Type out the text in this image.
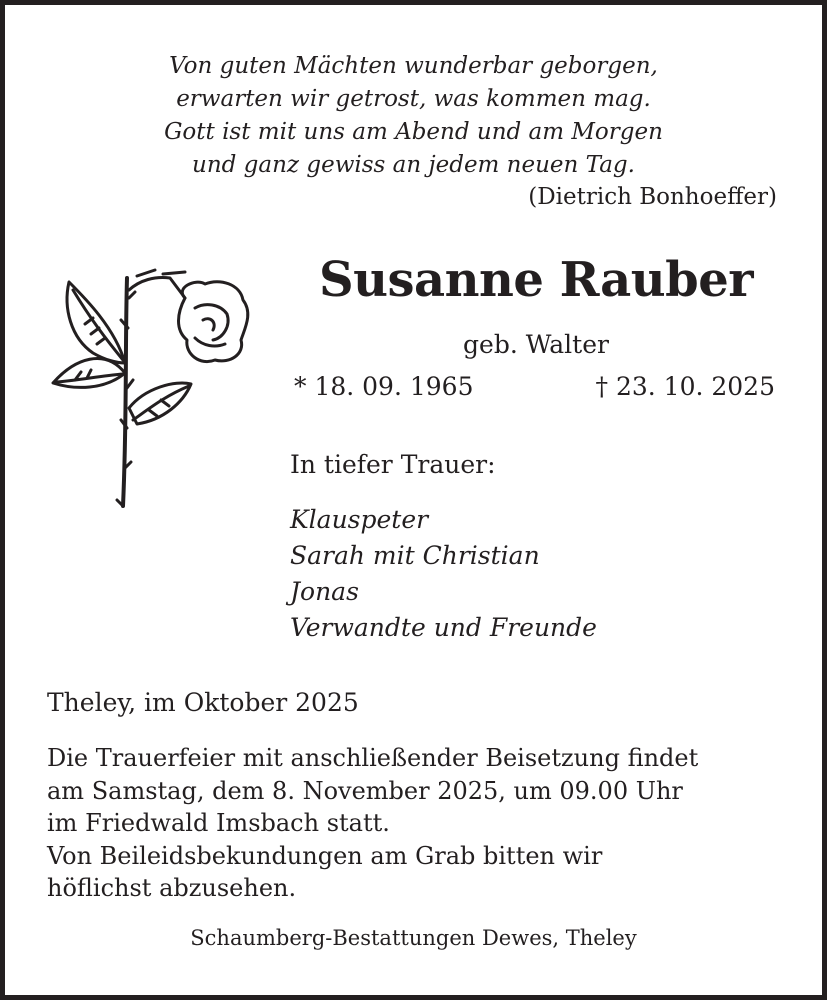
Von guten Mächten wunderbar geborgen,
erwarten wir getrost, was kommen mag.
Gott ist mit uns am Abend und am Morgen
und ganz gewiss an jedem neuen Tag.
(Dietrich Bonhoeffer)
Susanne Rauber
geb. Walter
* 18. 09. 1965	† 23. 10. 2025
In tiefer Trauer:
Klauspeter
Sarah mit Christian
Jonas
Verwandte und Freunde
Theley, im Oktober 2025
Die Trauerfeier mit anschließender Beisetzung findet
am Samstag, dem 8. November 2025, um 09.00 Uhr
im Friedwald Imsbach statt.
Von Beileidsbekundungen am Grab bitten wir
höflichst abzusehen.
Schaumberg-Bestattungen Dewes, Theley
